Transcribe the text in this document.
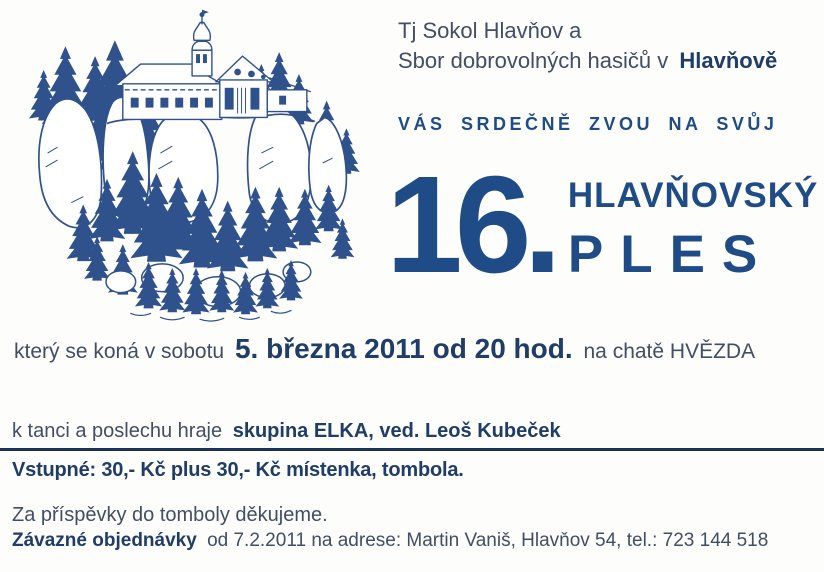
Tj Sokol Hlavňov a
Sbor dobrovolných hasičů v Hlavňově
VÁS SRDEČNĚ ZVOU NA SVŮJ
16. HLAVŇOVSKÝ
PLES
který se koná v sobotu 5. března 2011 od 20 hod. na chatě HVĚZDA
k tanci a poslechu hraje skupina ELKA, ved. Leoš Kubeček
Vstupné: 30,- Kč plus 30,- Kč místenka, tombola.
Za příspěvky do tomboly děkujeme.
Závazné objednávky od 7.2.2011 na adrese: Martin Vaniš, Hlavňov 54, tel.: 723 144 518
